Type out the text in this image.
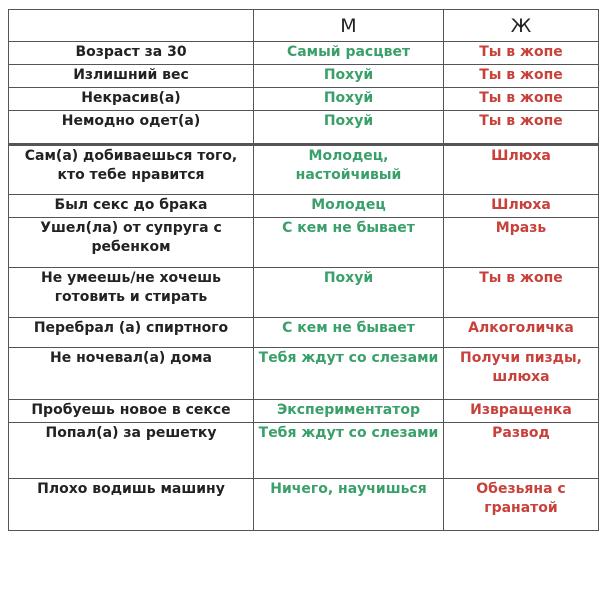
	М	Ж
Возраст за 30	Самый расцвет	Ты в жопе
Излишний вес	Похуй	Ты в жопе
Некрасив(а)	Похуй	Ты в жопе
Немодно одет(а)	Похуй	Ты в жопе
Сам(а) добиваешься того, кто тебе нравится	Молодец, настойчивый	Шлюха
Был секс до брака	Молодец	Шлюха
Ушел(ла) от супруга с ребенком	С кем не бывает	Мразь
Не умеешь/не хочешь готовить и стирать	Похуй	Ты в жопе
Перебрал (а) спиртного	С кем не бывает	Алкоголичка
Не ночевал(а) дома	Тебя ждут со слезами	Получи пизды, шлюха
Пробуешь новое в сексе	Экспериментатор	Извращенка
Попал(а) за решетку	Тебя ждут со слезами	Развод
Плохо водишь машину	Ничего, научишься	Обезьяна с гранатой
